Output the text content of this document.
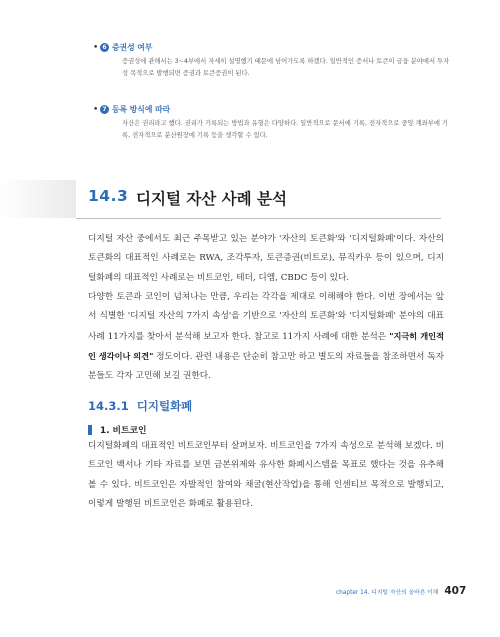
• 6 증권성 여부
증권성에 관해서는 3~4부에서 자세히 설명했기 때문에 넘어가도록 하겠다. 일반적인 증서나 토큰이 금융 분야에서 투자성 목적으로 발행되면 증권과 토큰증권이 된다.
• 7 등록 방식에 따라
자산은 권리라고 했다. 권리가 기록되는 방법과 유형은 다양하다. 일반적으로 문서에 기록, 전자적으로 중앙 계좌부에 기록, 전자적으로 분산원장에 기록 등을 생각할 수 있다.
14.3 디지털 자산 사례 분석
디지털 자산 중에서도 최근 주목받고 있는 분야가 '자산의 토큰화'와 '디지털화폐'이다. 자산의 토큰화의 대표적인 사례로는 RWA, 조각투자, 토큰증권(비트로), 뮤직카우 등이 있으며, 디지털화폐의 대표적인 사례로는 비트코인, 테더, 디엠, CBDC 등이 있다.
다양한 토큰과 코인이 넘쳐나는 만큼, 우리는 각각을 제대로 이해해야 한다. 이번 장에서는 앞서 식별한 '디지털 자산의 7가지 속성'을 기반으로 '자산의 토큰화'와 '디지털화폐' 분야의 대표 사례 11가지를 찾아서 분석해 보고자 한다. 참고로 11가지 사례에 대한 분석은 "지극히 개인적인 생각이나 의견" 정도이다. 관련 내용은 단순히 참고만 하고 별도의 자료들을 참조하면서 독자분들도 각자 고민해 보길 권한다.
14.3.1 디지털화폐
1. 비트코인
디지털화폐의 대표적인 비트코인부터 살펴보자. 비트코인을 7가지 속성으로 분석해 보겠다. 비트코인 백서나 기타 자료를 보면 금본위제와 유사한 화폐시스템을 목표로 했다는 것을 유추해 볼 수 있다. 비트코인은 자발적인 참여와 채굴(현산작업)을 통해 인센티브 목적으로 발행되고, 이렇게 발행된 비트코인은 화폐로 활용된다.
chapter 14. 디지털 자산의 올바른 이해 407
